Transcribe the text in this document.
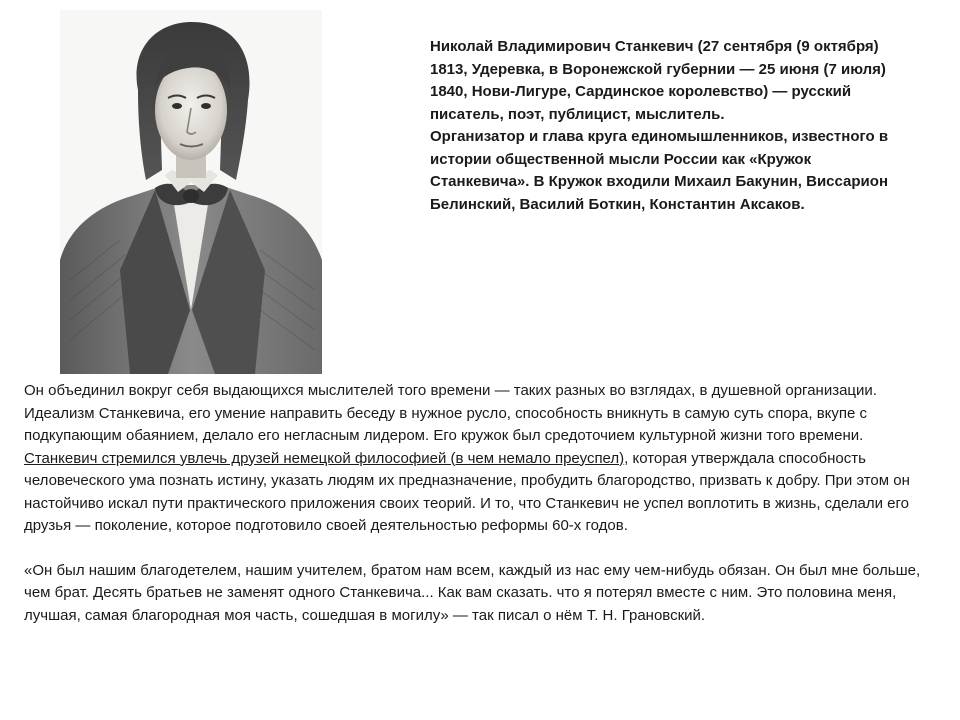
Николай Владимирович Станкевич (27 сентября (9 октября) 1813, Удеревка, в Воронежской губернии — 25 июня (7 июля) 1840, Нови-Лигуре, Сардинское королевство) — русский писатель, поэт, публицист, мыслитель.

Организатор и глава круга единомышленников, известного в истории общественной мысли России как «Кружок Станкевича». В Кружок входили Михаил Бакунин, Виссарион Белинский, Василий Боткин, Константин Аксаков.

Он объединил вокруг себя выдающихся мыслителей того времени — таких разных во взглядах, в душевной организации. Идеализм Станкевича, его умение направить беседу в нужное русло, способность вникнуть в самую суть спора, вкупе с подкупающим обаянием, делало его негласным лидером. Его кружок был средоточием культурной жизни того времени. Станкевич стремился увлечь друзей немецкой философией (в чем немало преуспел), которая утверждала способность человеческого ума познать истину, указать людям их предназначение, пробудить благородство, призвать к добру. При этом он настойчиво искал пути практического приложения своих теорий. И то, что Станкевич не успел воплотить в жизнь, сделали его друзья — поколение, которое подготовило своей деятельностью реформы 60-х годов.

«Он был нашим благодетелем, нашим учителем, братом нам всем, каждый из нас ему чем-нибудь обязан. Он был мне больше, чем брат. Десять братьев не заменят одного Станкевича... Как вам сказать. что я потерял вместе с ним. Это половина меня, лучшая, самая благородная моя часть, сошедшая в могилу» — так писал о нём Т. Н. Грановский.
